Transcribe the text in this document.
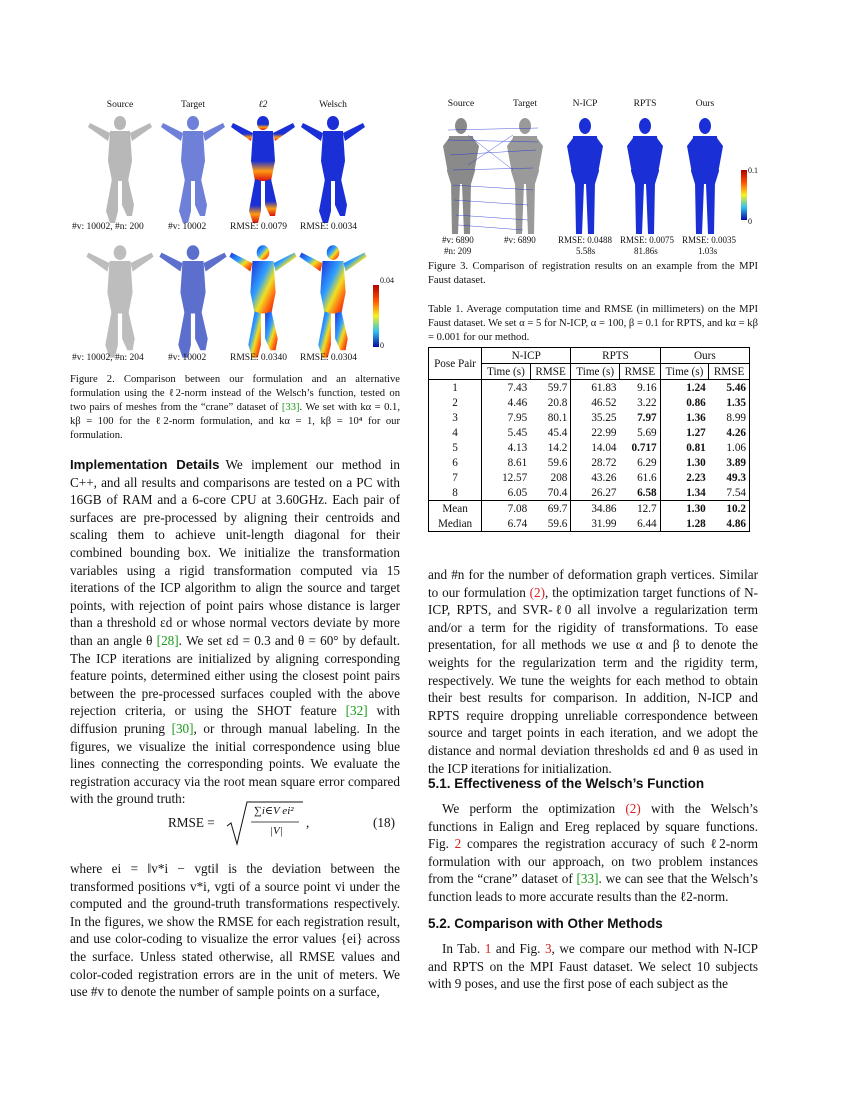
Source	Target	ℓ2	Welsch
#v: 10002, #n: 200	#v: 10002 RMSE: 0.0079 RMSE: 0.0034
0.04
0
#v: 10002, #n: 204	#v: 10002 RMSE: 0.0340 RMSE: 0.0304
Figure 2. Comparison between our formulation and an alternative formulation using the ℓ2-norm instead of the Welsch’s function, tested on two pairs of meshes from the “crane” dataset of [33]. We set with kα = 0.1, kβ = 100 for the ℓ2-norm formulation, and kα = 1, kβ = 10⁴ for our formulation.

Implementation Details We implement our method in C++, and all results and comparisons are tested on a PC with 16GB of RAM and a 6-core CPU at 3.60GHz. Each pair of surfaces are pre-processed by aligning their centroids and scaling them to achieve unit-length diagonal for their combined bounding box. We initialize the transformation variables using a rigid transformation computed via 15 iterations of the ICP algorithm to align the source and target points, with rejection of point pairs whose distance is larger than a threshold εd or whose normal vectors deviate by more than an angle θ [28]. We set εd = 0.3 and θ = 60° by default. The ICP iterations are initialized by aligning corresponding feature points, determined either using the closest point pairs between the pre-processed surfaces coupled with the above rejection criteria, or using the SHOT feature [32] with diffusion pruning [30], or through manual labeling. In the figures, we visualize the initial correspondence using blue lines connecting the corresponding points. We evaluate the registration accuracy via the root mean square error compared with the ground truth:

RMSE =
∑i∈V ei²
|V|
,	(18)

where ei = ‖v*i − vgti‖ is the deviation between the transformed positions v*i, vgti of a source point vi under the computed and the ground-truth transformations respectively. In the figures, we show the RMSE for each registration result, and use color-coding to visualize the error values {ei} across the surface. Unless stated otherwise, all RMSE values and color-coded registration errors are in the unit of meters. We use #v to denote the number of sample points on a surface,

Source	Target	N-ICP	RPTS	Ours
0.1
0
#v: 6890	#v: 6890 RMSE: 0.0488 RMSE: 0.0075 RMSE: 0.0035
#n: 209	5.58s	81.86s	1.03s
Figure 3. Comparison of registration results on an example from the MPI Faust dataset.
Table 1. Average computation time and RMSE (in millimeters) on the MPI Faust dataset. We set α = 5 for N-ICP, α = 100, β = 0.1 for RPTS, and kα = kβ = 0.001 for our method.
Pose Pair	N-ICP		RPTS		Ours	
	Time (s)	RMSE	Time (s)	RMSE	Time (s)	RMSE
1	7.43	59.7	61.83	9.16	1.24	5.46
2	4.46	20.8	46.52	3.22	0.86	1.35
3	7.95	80.1	35.25	7.97	1.36	8.99
4	5.45	45.4	22.99	5.69	1.27	4.26
5	4.13	14.2	14.04	0.717	0.81	1.06
6	8.61	59.6	28.72	6.29	1.30	3.89
7	12.57	208	43.26	61.6	2.23	49.3
8	6.05	70.4	26.27	6.58	1.34	7.54
Mean	7.08	69.7	34.86	12.7	1.30	10.2
Median	6.74	59.6	31.99	6.44	1.28	4.86

and #n for the number of deformation graph vertices. Similar to our formulation (2), the optimization target functions of N-ICP, RPTS, and SVR-ℓ0 all involve a regularization term and/or a term for the rigidity of transformations. To ease presentation, for all methods we use α and β to denote the weights for the regularization term and the rigidity term, respectively. We tune the weights for each method to obtain their best results for comparison. In addition, N-ICP and RPTS require dropping unreliable correspondence between source and target points in each iteration, and we adopt the distance and normal deviation thresholds εd and θ as used in the ICP iterations for initialization.

5.1. Effectiveness of the Welsch’s Function

We perform the optimization (2) with the Welsch’s functions in Ealign and Ereg replaced by square functions. Fig. 2 compares the registration accuracy of such ℓ2-norm formulation with our approach, on two problem instances from the “crane” dataset of [33]. we can see that the Welsch’s function leads to more accurate results than the ℓ2-norm.

5.2. Comparison with Other Methods

In Tab. 1 and Fig. 3, we compare our method with N-ICP and RPTS on the MPI Faust dataset. We select 10 subjects with 9 poses, and use the first pose of each subject as the
